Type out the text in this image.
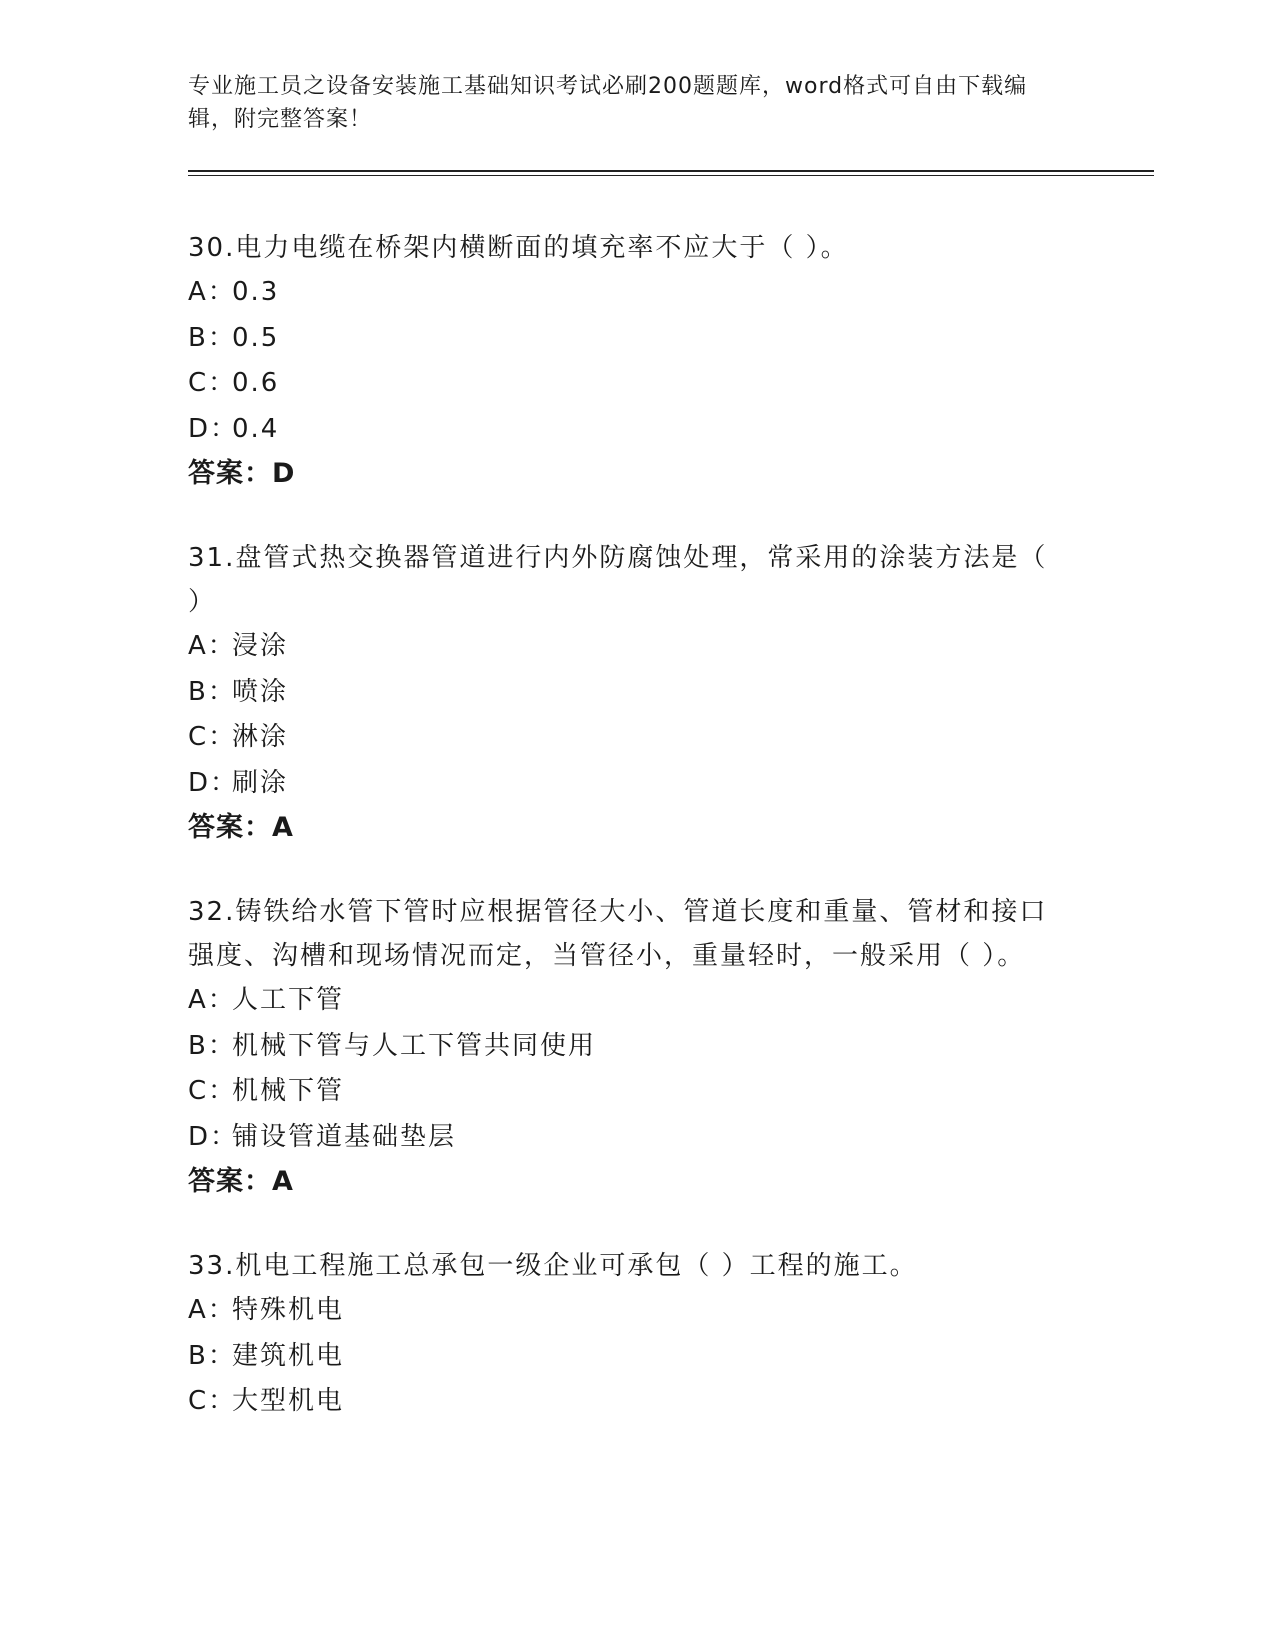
专业施工员之设备安装施工基础知识考试必刷200题题库，word格式可自由下载编辑，附完整答案！

30.电力电缆在桥架内横断面的填充率不应大于（ ）。

A：0.3

B：0.5

C：0.6

D：0.4

答案：D

31.盘管式热交换器管道进行内外防腐蚀处理，常采用的涂装方法是（ ）

A：浸涂

B：喷涂

C：淋涂

D：刷涂

答案：A

32.铸铁给水管下管时应根据管径大小、管道长度和重量、管材和接口强度、沟槽和现场情况而定，当管径小，重量轻时，一般采用（ ）。

A：人工下管

B：机械下管与人工下管共同使用

C：机械下管

D：铺设管道基础垫层

答案：A

33.机电工程施工总承包一级企业可承包（ ）工程的施工。

A：特殊机电

B：建筑机电

C：大型机电
